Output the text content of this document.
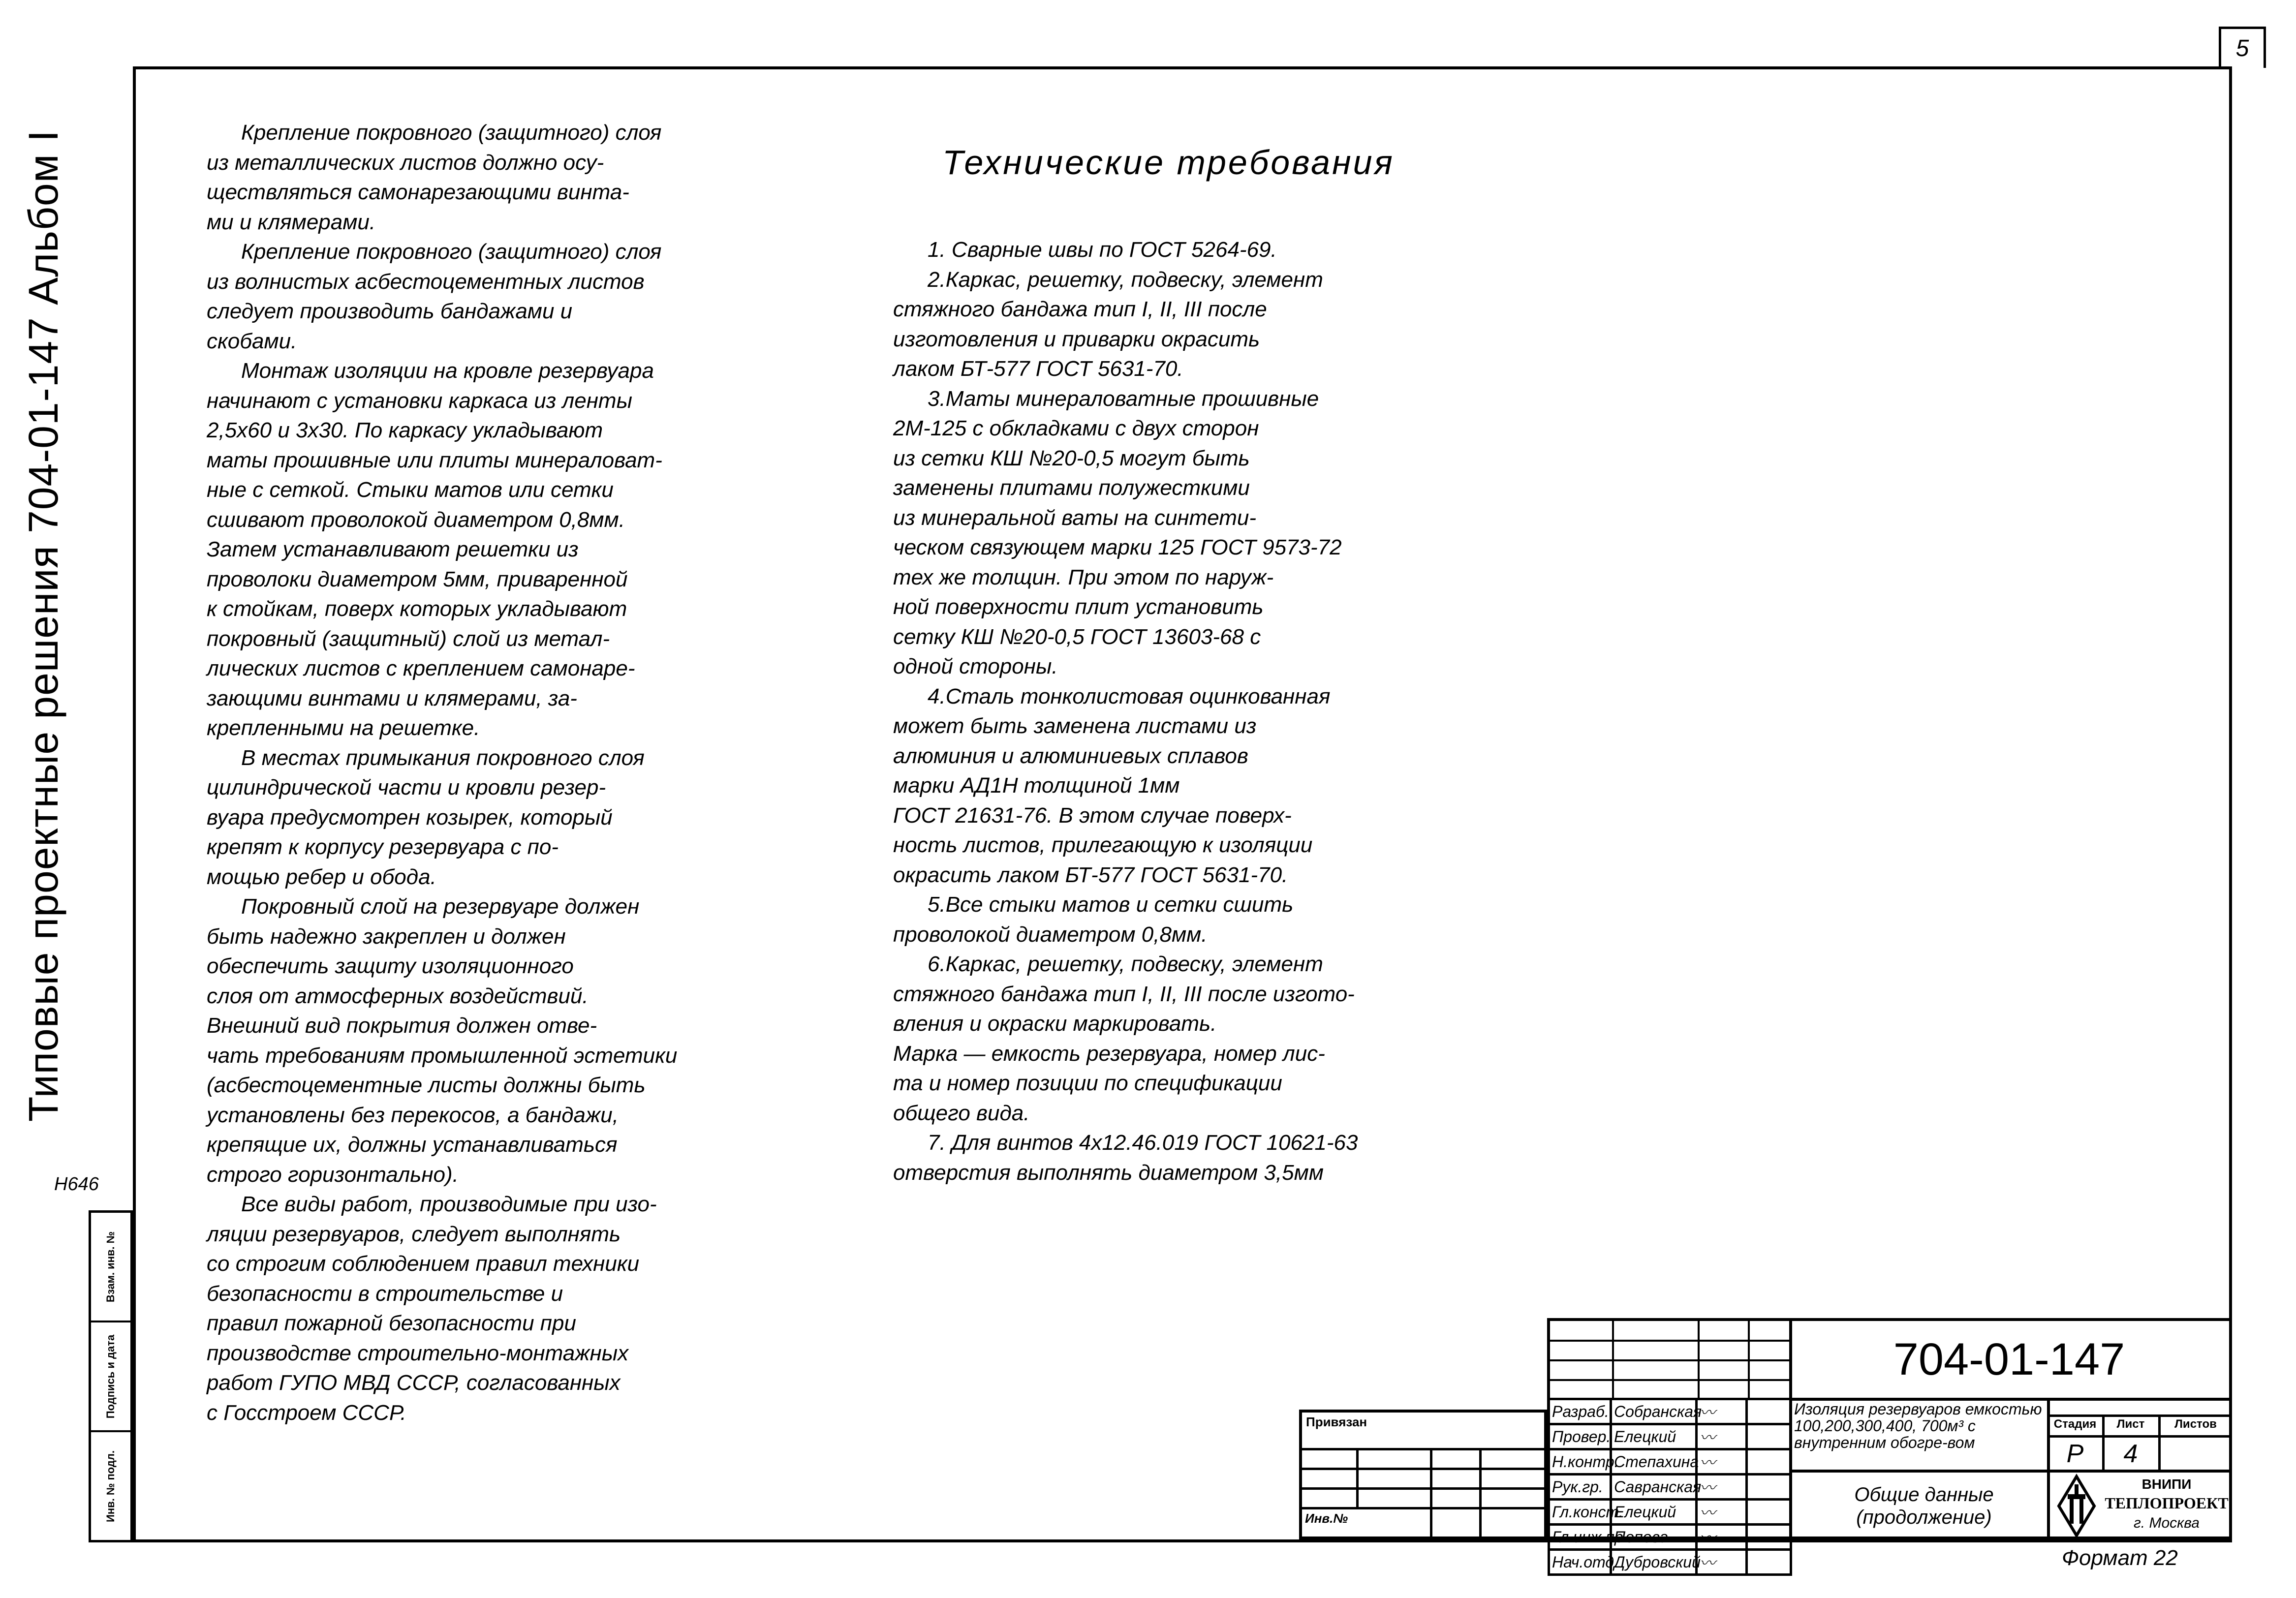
5
Типовые проектные решения 704-01-147 Альбом I
Н646
Взам. инв. №
Подпись и дата
Инв. № подл.
Крепление покровного (защитного) слоя
из металлических листов должно осу-
ществляться самонарезающими винта-
ми и клямерами.
Крепление покровного (защитного) слоя
из волнистых асбестоцементных листов
следует производить бандажами и
скобами.
Монтаж изоляции на кровле резервуара
начинают с установки каркаса из ленты
2,5х60 и 3х30. По каркасу укладывают
маты прошивные или плиты минераловат-
ные с сеткой. Стыки матов или сетки
сшивают проволокой диаметром 0,8мм.
Затем устанавливают решетки из
проволоки диаметром 5мм, приваренной
к стойкам, поверх которых укладывают
покровный (защитный) слой из метал-
лических листов с креплением самонаре-
зающими винтами и клямерами, за-
крепленными на решетке.
В местах примыкания покровного слоя
цилиндрической части и кровли резер-
вуара предусмотрен козырек, который
крепят к корпусу резервуара с по-
мощью ребер и обода.
Покровный слой на резервуаре должен
быть надежно закреплен и должен
обеспечить защиту изоляционного
слоя от атмосферных воздействий.
Внешний вид покрытия должен отве-
чать требованиям промышленной эстетики
(асбестоцементные листы должны быть
установлены без перекосов, а бандажи,
крепящие их, должны устанавливаться
строго горизонтально).
Все виды работ, производимые при изо-
ляции резервуаров, следует выполнять
со строгим соблюдением правил техники
безопасности в строительстве и
правил пожарной безопасности при
производстве строительно-монтажных
работ ГУПО МВД СССР, согласованных
с Госстроем СССР.
Технические требования
1. Сварные швы по ГОСТ 5264-69.
2.Каркас, решетку, подвеску, элемент
стяжного бандажа тип I, II, III после
изготовления и приварки окрасить
лаком БТ-577 ГОСТ 5631-70.
3.Маты минераловатные прошивные
2М-125 с обкладками с двух сторон
из сетки КШ №20-0,5 могут быть
заменены плитами полужесткими
из минеральной ваты на синтети-
ческом связующем марки 125 ГОСТ 9573-72
тех же толщин. При этом по наруж-
ной поверхности плит установить
сетку КШ №20-0,5 ГОСТ 13603-68 с
одной стороны.
4.Сталь тонколистовая оцинкованная
может быть заменена листами из
алюминия и алюминиевых сплавов
марки АД1Н толщиной 1мм
ГОСТ 21631-76. В этом случае поверх-
ность листов, прилегающую к изоляции
окрасить лаком БТ-577 ГОСТ 5631-70.
5.Все стыки матов и сетки сшить
проволокой диаметром 0,8мм.
6.Каркас, решетку, подвеску, элемент
стяжного бандажа тип I, II, III после изгото-
вления и окраски маркировать.
Марка — емкость резервуара, номер лис-
та и номер позиции по спецификации
общего вида.
7. Для винтов 4х12.46.019 ГОСТ 10621-63
отверстия выполнять диаметром 3,5мм
Привязан
Инв.№
704-01-147
Разраб.	Собранская	〰	
Провер.	Елецкий	〰	
Н.контр.	Степахина	〰	
Рук.гр.	Савранская	〰	
Гл.конст.	Елецкий	〰	
Гл.инж.пр.	Попова	〰	
Нач.отд.	Дубровский	〰	
Изоляция резервуаров емкостью 100,200,300,400, 700м³ с внутренним обогре-вом
Стадия	Лист	Листов
Р	4
Общие данные (продолжение)
ВНИПИ
ТЕПЛОПРОЕКТ
г. Москва
Формат 22
